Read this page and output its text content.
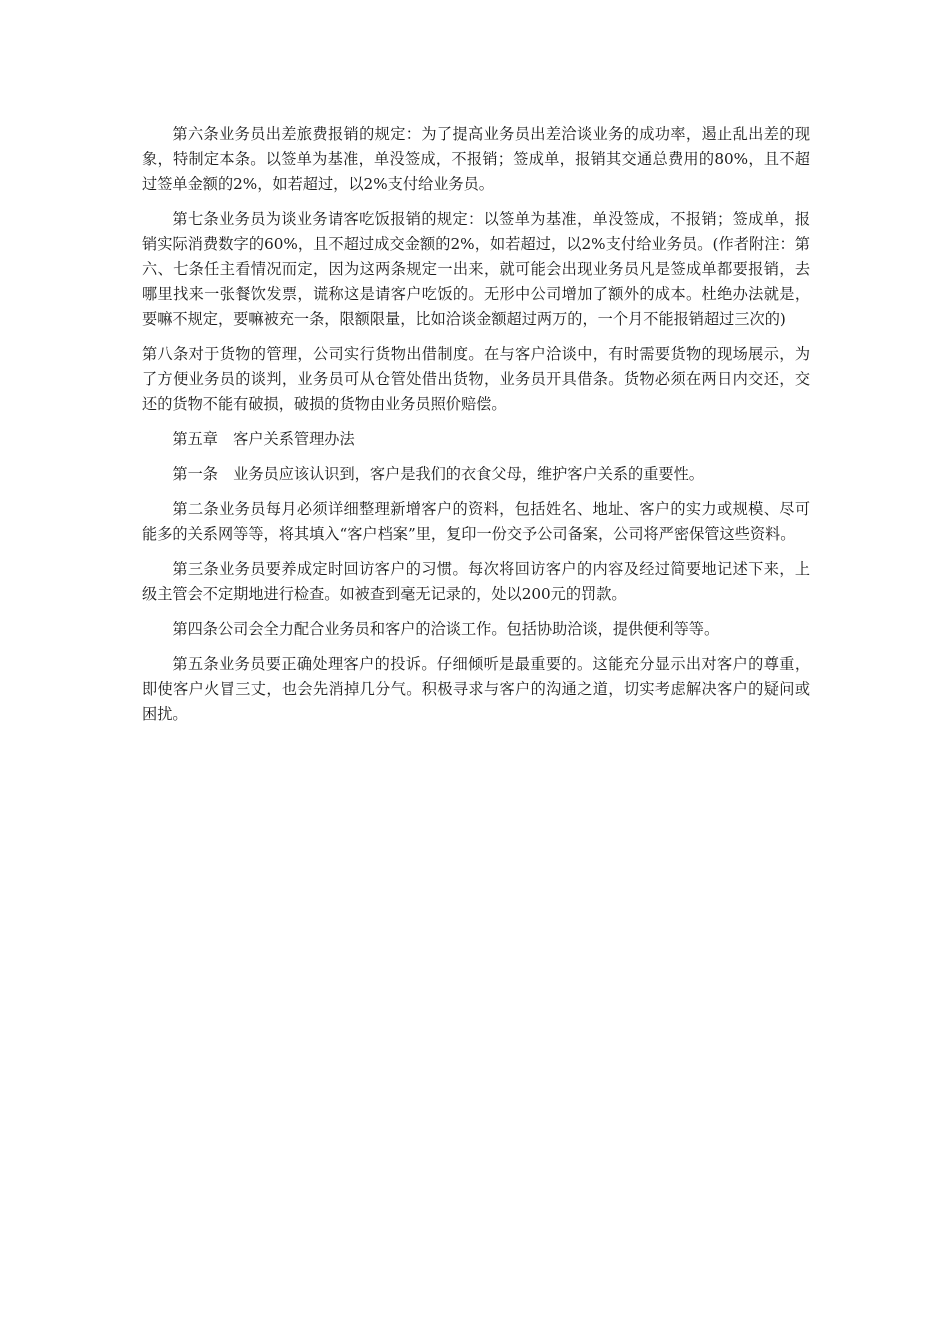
第六条业务员出差旅费报销的规定：为了提高业务员出差洽谈业务的成功率，遏止乱出差的现象，特制定本条。以签单为基准，单没签成，不报销；签成单，报销其交通总费用的80%，且不超过签单金额的2%，如若超过，以2%支付给业务员。

第七条业务员为谈业务请客吃饭报销的规定：以签单为基准，单没签成，不报销；签成单，报销实际消费数字的60%，且不超过成交金额的2%，如若超过，以2%支付给业务员。(作者附注：第六、七条任主看情况而定，因为这两条规定一出来，就可能会出现业务员凡是签成单都要报销，去哪里找来一张餐饮发票，谎称这是请客户吃饭的。无形中公司增加了额外的成本。杜绝办法就是，要嘛不规定，要嘛被充一条，限额限量，比如洽谈金额超过两万的，一个月不能报销超过三次的)

第八条对于货物的管理，公司实行货物出借制度。在与客户洽谈中，有时需要货物的现场展示，为了方便业务员的谈判，业务员可从仓管处借出货物，业务员开具借条。货物必须在两日内交还，交还的货物不能有破损，破损的货物由业务员照价赔偿。

第五章　客户关系管理办法

第一条　业务员应该认识到，客户是我们的衣食父母，维护客户关系的重要性。

第二条业务员每月必须详细整理新增客户的资料，包括姓名、地址、客户的实力或规模、尽可能多的关系网等等，将其填入“客户档案”里，复印一份交予公司备案，公司将严密保管这些资料。

第三条业务员要养成定时回访客户的习惯。每次将回访客户的内容及经过简要地记述下来，上级主管会不定期地进行检查。如被查到毫无记录的，处以200元的罚款。

第四条公司会全力配合业务员和客户的洽谈工作。包括协助洽谈，提供便利等等。

第五条业务员要正确处理客户的投诉。仔细倾听是最重要的。这能充分显示出对客户的尊重，即使客户火冒三丈，也会先消掉几分气。积极寻求与客户的沟通之道，切实考虑解决客户的疑问或困扰。
